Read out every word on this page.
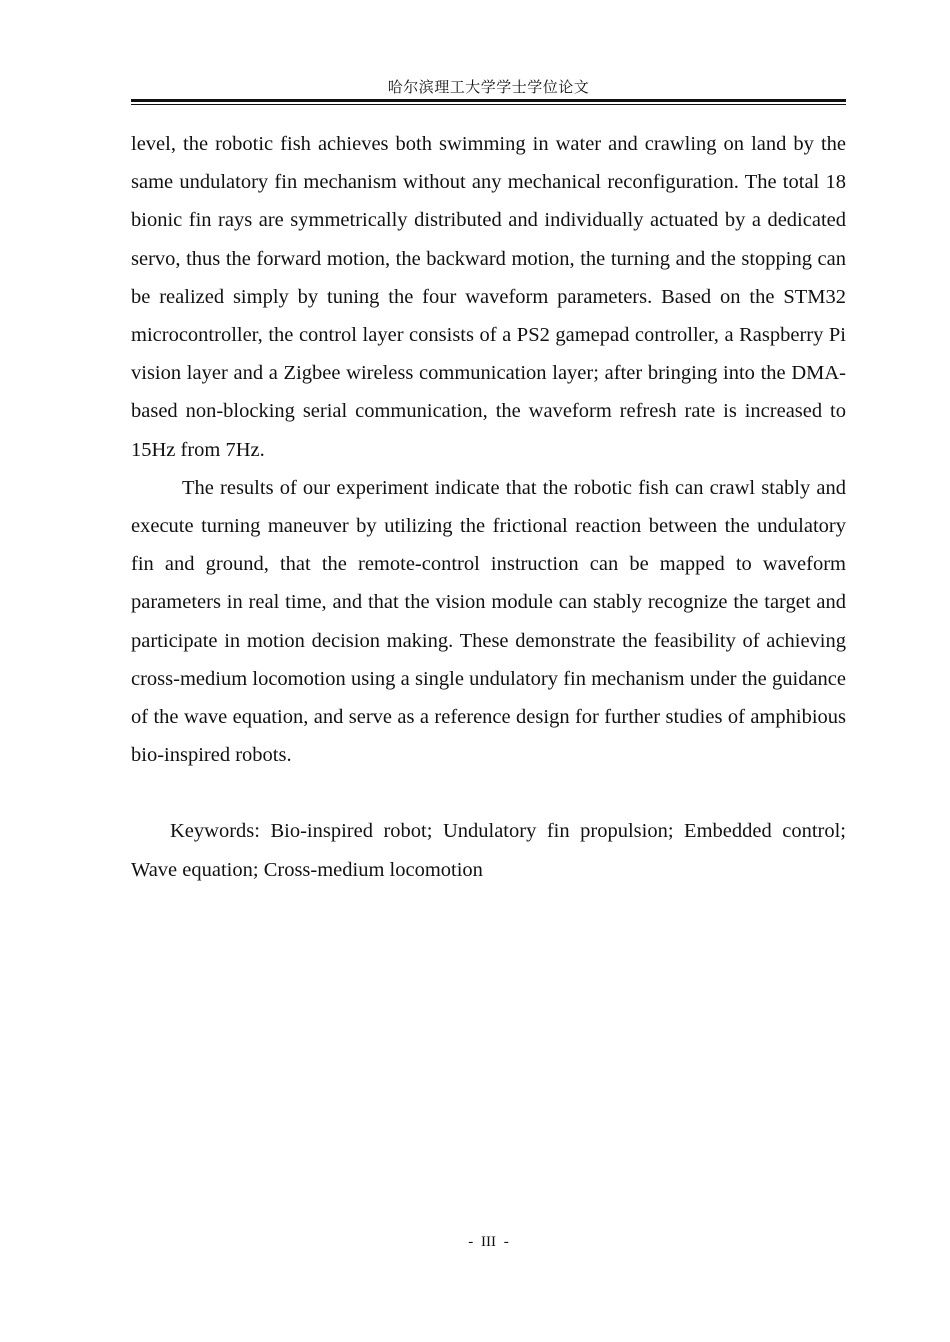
哈尔滨理工大学学士学位论文

level, the robotic fish achieves both swimming in water and crawling on land by the same undulatory fin mechanism without any mechanical reconfiguration. The total 18 bionic fin rays are symmetrically distributed and individually actuated by a dedicated servo, thus the forward motion, the backward motion, the turning and the stopping can be realized simply by tuning the four waveform parameters. Based on the STM32 microcontroller, the control layer consists of a PS2 gamepad controller, a Raspberry Pi vision layer and a Zigbee wireless communication layer; after bringing into the DMA-based non-blocking serial communication, the waveform refresh rate is increased to 15Hz from 7Hz.

The results of our experiment indicate that the robotic fish can crawl stably and execute turning maneuver by utilizing the frictional reaction between the undulatory fin and ground, that the remote-control instruction can be mapped to waveform parameters in real time, and that the vision module can stably recognize the target and participate in motion decision making. These demonstrate the feasibility of achieving cross-medium locomotion using a single undulatory fin mechanism under the guidance of the wave equation, and serve as a reference design for further studies of amphibious bio-inspired robots.

Keywords: Bio-inspired robot; Undulatory fin propulsion; Embedded control; Wave equation; Cross-medium locomotion

- III -
